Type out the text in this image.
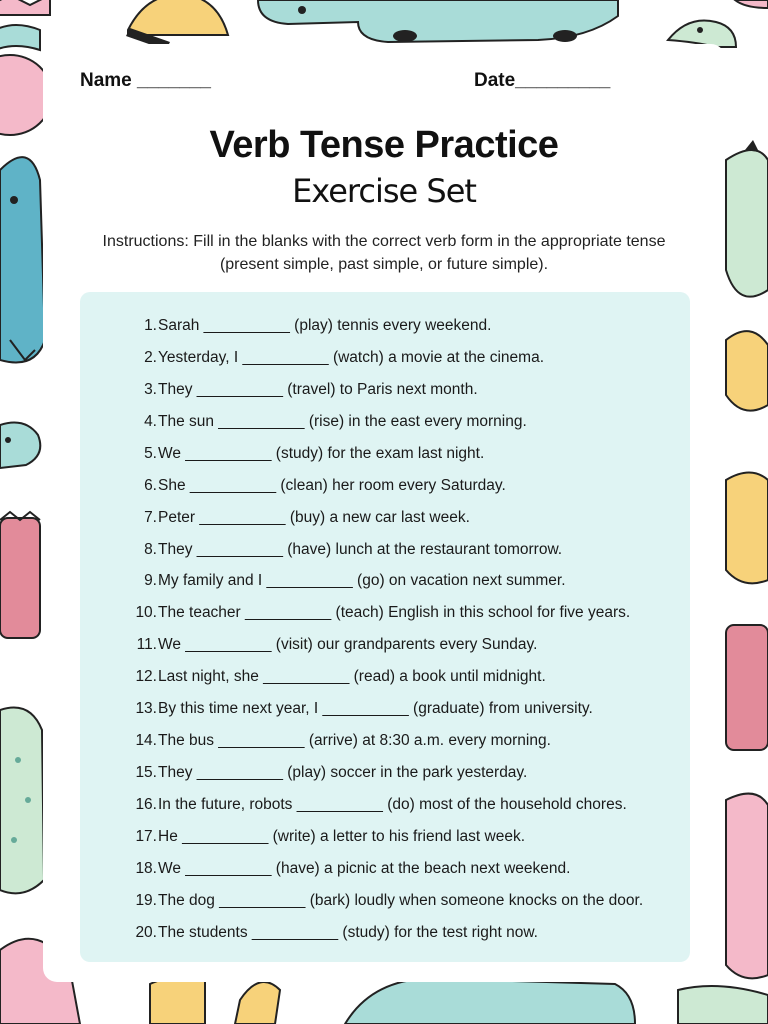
Name _______	Date_________
Verb Tense Practice
Exercise Set
Instructions: Fill in the blanks with the correct verb form in the appropriate tense (present simple, past simple, or future simple).
1. Sarah __________ (play) tennis every weekend.
2. Yesterday, I __________ (watch) a movie at the cinema.
3. They __________ (travel) to Paris next month.
4. The sun __________ (rise) in the east every morning.
5. We __________ (study) for the exam last night.
6. She __________ (clean) her room every Saturday.
7. Peter __________ (buy) a new car last week.
8. They __________ (have) lunch at the restaurant tomorrow.
9. My family and I __________ (go) on vacation next summer.
10. The teacher __________ (teach) English in this school for five years.
11. We __________ (visit) our grandparents every Sunday.
12. Last night, she __________ (read) a book until midnight.
13. By this time next year, I __________ (graduate) from university.
14. The bus __________ (arrive) at 8:30 a.m. every morning.
15. They __________ (play) soccer in the park yesterday.
16. In the future, robots __________ (do) most of the household chores.
17. He __________ (write) a letter to his friend last week.
18. We __________ (have) a picnic at the beach next weekend.
19. The dog __________ (bark) loudly when someone knocks on the door.
20. The students __________ (study) for the test right now.
